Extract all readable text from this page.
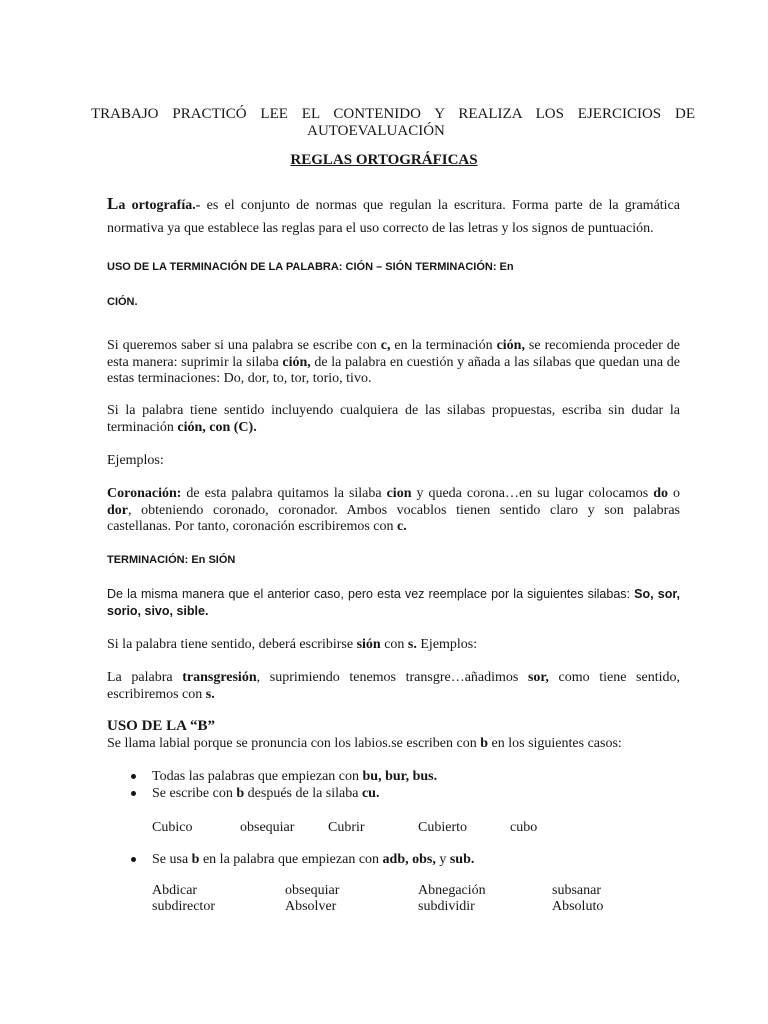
TRABAJO PRACTICÓ LEE EL CONTENIDO Y REALIZA LOS EJERCICIOS DE
AUTOEVALUACIÓN
REGLAS ORTOGRÁFICAS

La ortografía.- es el conjunto de normas que regulan la escritura. Forma parte de la gramática normativa ya que establece las reglas para el uso correcto de las letras y los signos de puntuación.

USO DE LA TERMINACIÓN DE LA PALABRA: CIÓN – SIÓN TERMINACIÓN: En
CIÓN.

Si queremos saber si una palabra se escribe con c, en la terminación ción, se recomienda proceder de esta manera: suprimir la silaba ción, de la palabra en cuestión y añada a las silabas que quedan una de estas terminaciones: Do, dor, to, tor, torio, tivo.

Si la palabra tiene sentido incluyendo cualquiera de las silabas propuestas, escriba sin dudar la terminación ción, con (C).

Ejemplos:

Coronación: de esta palabra quitamos la silaba cion y queda corona…en su lugar colocamos do o dor, obteniendo coronado, coronador. Ambos vocablos tienen sentido claro y son palabras castellanas. Por tanto, coronación escribiremos con c.

TERMINACIÓN: En SIÓN

De la misma manera que el anterior caso, pero esta vez reemplace por la siguientes silabas: So, sor, sorio, sivo, sible.

Si la palabra tiene sentido, deberá escribirse sión con s. Ejemplos:

La palabra transgresión, suprimiendo tenemos transgre…añadimos sor, como tiene sentido, escribiremos con s.

USO DE LA “B”

Se llama labial porque se pronuncia con los labios.se escriben con b en los siguientes casos:

Todas las palabras que empiezan con bu, bur, bus.
Se escribe con b después de la silaba cu.
Cubico	obsequiar	Cubrir	Cubierto	cubo
Se usa b en la palabra que empiezan con adb, obs, y sub.
Abdicar	obsequiar	Abnegación	subsanar
subdirector	Absolver	subdividir	Absoluto
